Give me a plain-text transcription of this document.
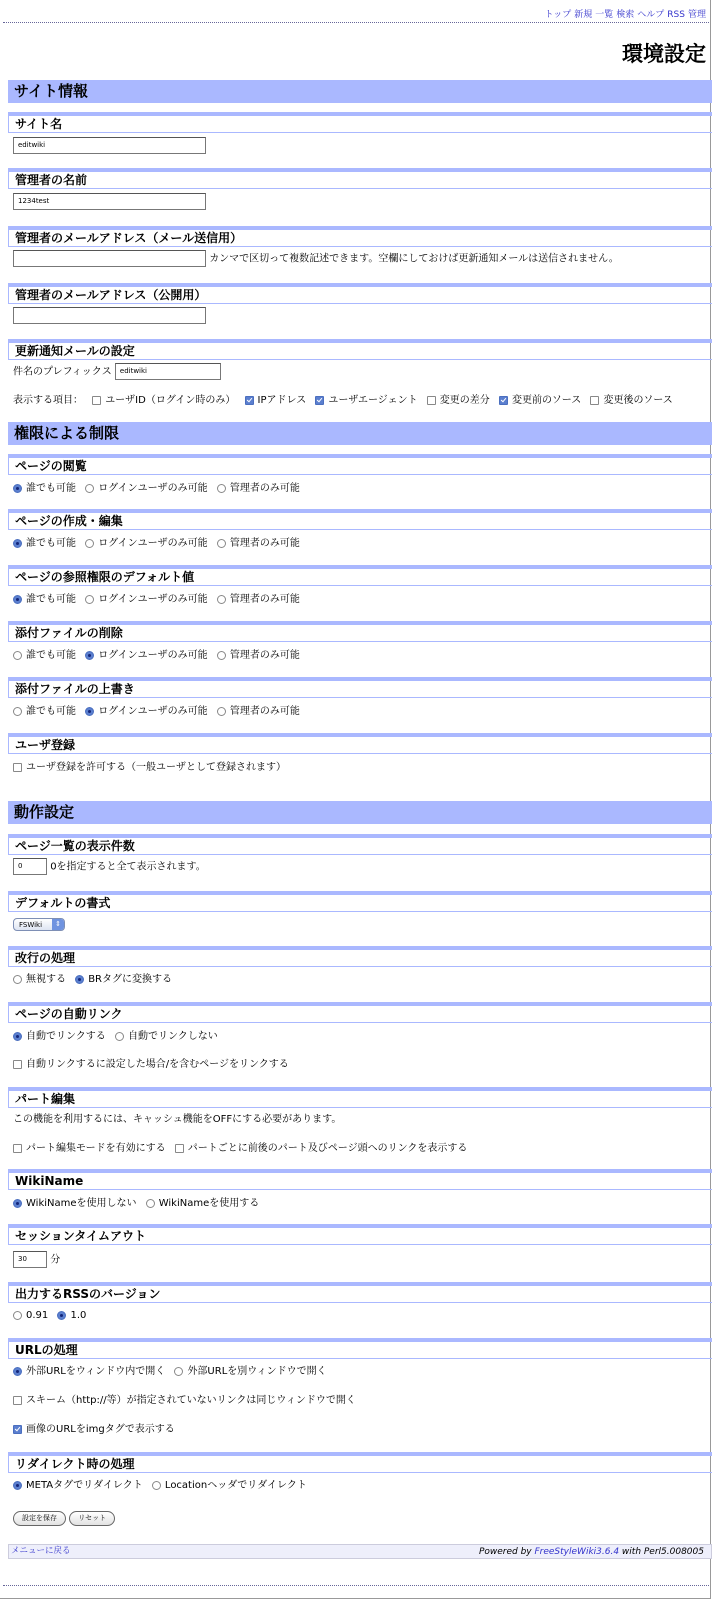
トップ 新規 一覧 検索 ヘルプ RSS 管理
環境設定
サイト情報
サイト名
editwiki
管理者の名前
1234test
管理者のメールアドレス（メール送信用）
カンマで区切って複数記述できます。空欄にしておけば更新通知メールは送信されません。
管理者のメールアドレス（公開用）
更新通知メールの設定
件名のプレフィックス editwiki
表示する項目： ユーザID（ログイン時のみ） IPアドレス ユーザエージェント 変更の差分 変更前のソース 変更後のソース
権限による制限
ページの閲覧
誰でも可能 ログインユーザのみ可能 管理者のみ可能
ページの作成・編集
誰でも可能 ログインユーザのみ可能 管理者のみ可能
ページの参照権限のデフォルト値
誰でも可能 ログインユーザのみ可能 管理者のみ可能
添付ファイルの削除
誰でも可能 ログインユーザのみ可能 管理者のみ可能
添付ファイルの上書き
誰でも可能 ログインユーザのみ可能 管理者のみ可能
ユーザ登録
ユーザ登録を許可する（一般ユーザとして登録されます）
動作設定
ページ一覧の表示件数
0	0を指定すると全て表示されます。
デフォルトの書式
FSWiki	⇕
改行の処理
無視する BRタグに変換する
ページの自動リンク
自動でリンクする 自動でリンクしない
自動リンクするに設定した場合/を含むページをリンクする
パート編集
この機能を利用するには、キャッシュ機能をOFFにする必要があります。
パート編集モードを有効にする パートごとに前後のパート及びページ頭へのリンクを表示する
WikiName
WikiNameを使用しない WikiNameを使用する
セッションタイムアウト
30 分
出力するRSSのバージョン
0.91 1.0
URLの処理
外部URLをウィンドウ内で開く 外部URLを別ウィンドウで開く
スキーム（http://等）が指定されていないリンクは同じウィンドウで開く
画像のURLをimgタグで表示する
リダイレクト時の処理
METAタグでリダイレクト Locationヘッダでリダイレクト
設定を保存	リセット
メニューに戻る	Powered by FreeStyleWiki3.6.4 with Perl5.008005
